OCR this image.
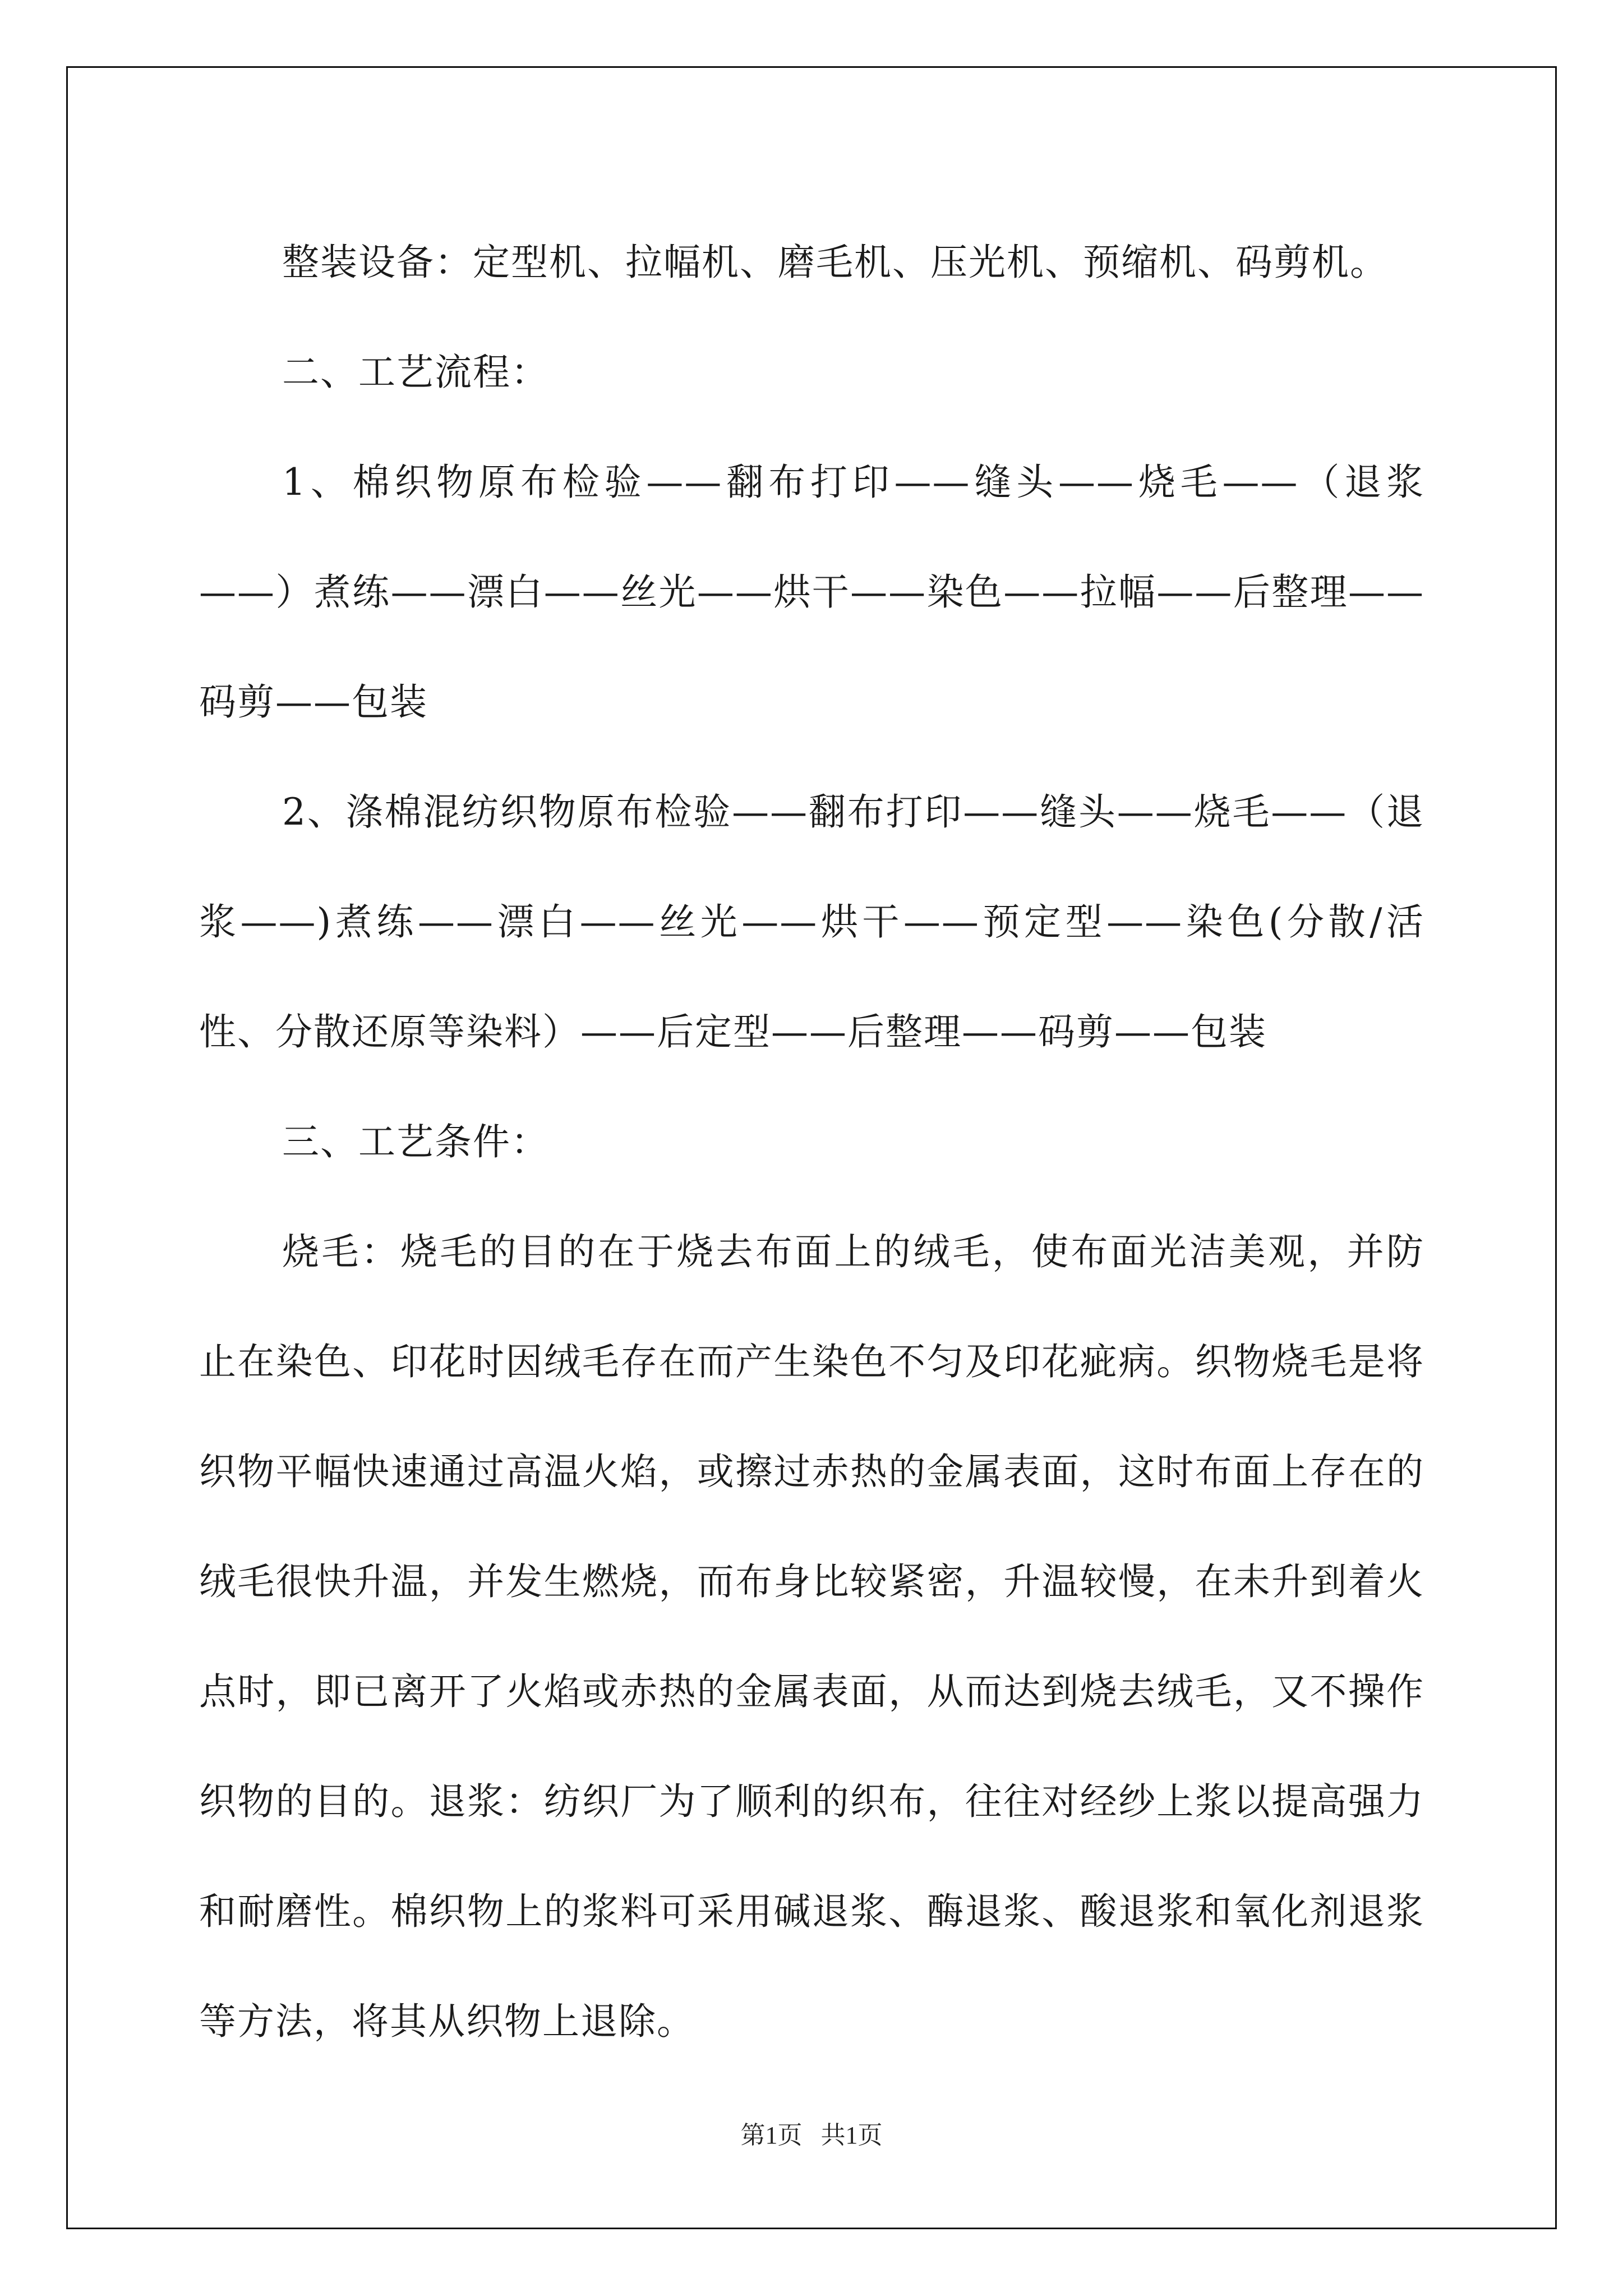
整装设备：定型机、拉幅机、磨毛机、压光机、预缩机、码剪机。

二、工艺流程：

1、棉织物原布检验——翻布打印——缝头——烧毛——（退浆——）煮练——漂白——丝光——烘干——染色——拉幅——后整理——码剪——包装

2、涤棉混纺织物原布检验——翻布打印——缝头——烧毛——（退浆——)煮练——漂白——丝光——烘干——预定型——染色(分散/活性、分散还原等染料）——后定型——后整理——码剪——包装

三、工艺条件：

烧毛：烧毛的目的在于烧去布面上的绒毛，使布面光洁美观，并防止在染色、印花时因绒毛存在而产生染色不匀及印花疵病。织物烧毛是将织物平幅快速通过高温火焰，或擦过赤热的金属表面，这时布面上存在的绒毛很快升温，并发生燃烧，而布身比较紧密，升温较慢，在未升到着火点时，即已离开了火焰或赤热的金属表面，从而达到烧去绒毛，又不操作织物的目的。退浆：纺织厂为了顺利的织布，往往对经纱上浆以提高强力和耐磨性。棉织物上的浆料可采用碱退浆、酶退浆、酸退浆和氧化剂退浆等方法，将其从织物上退除。

第1页   共1页
